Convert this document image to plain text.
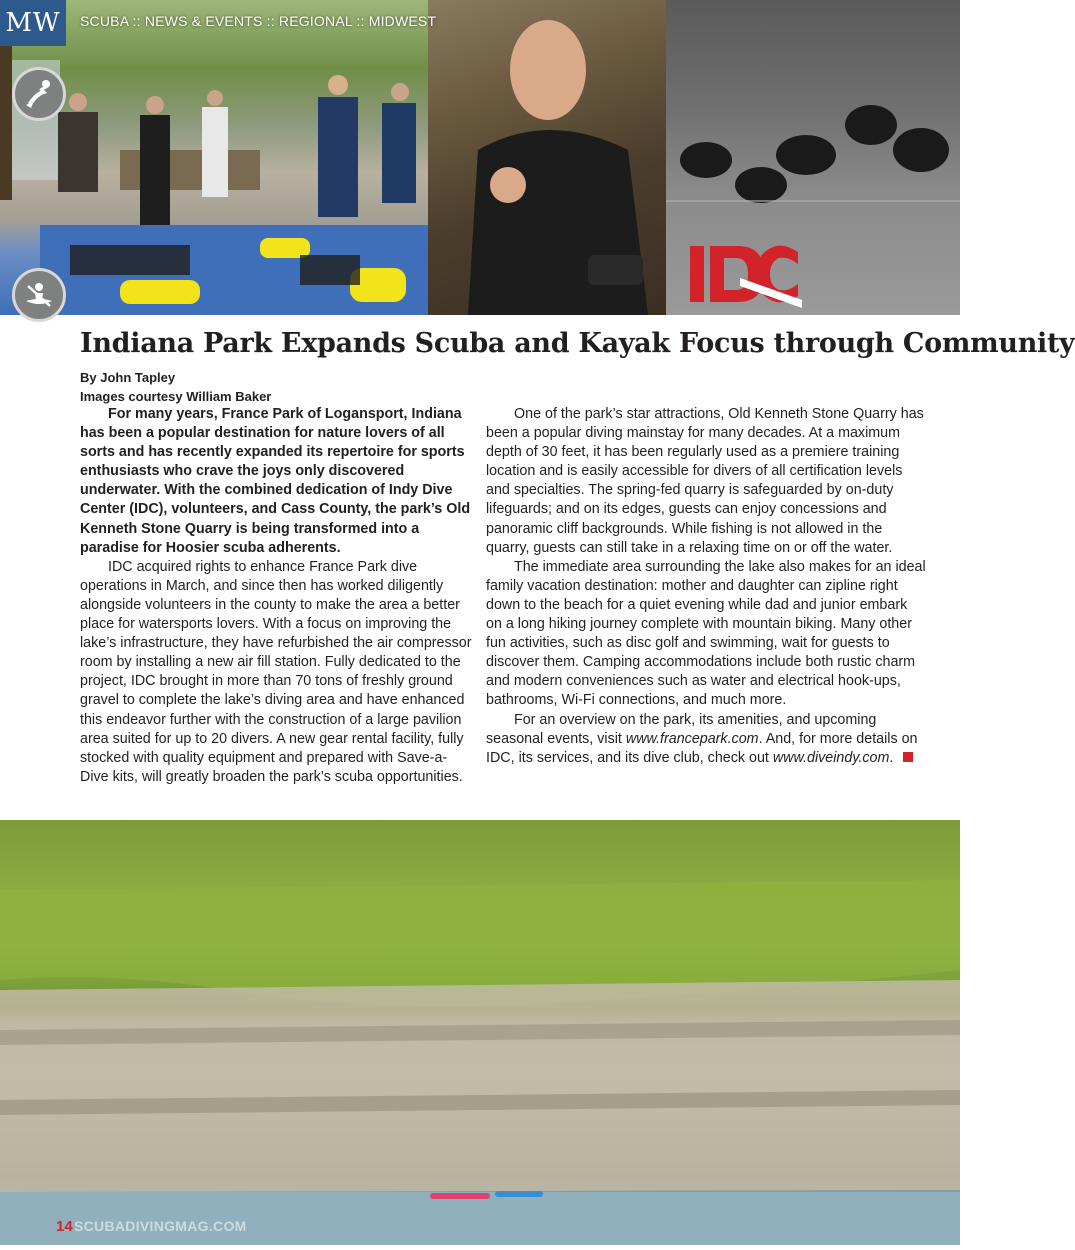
MW	SCUBA :: NEWS & EVENTS :: REGIONAL :: MIDWEST
Indiana Park Expands Scuba and Kayak Focus through Community
By John Tapley
Images courtesy William Baker

For many years, France Park of Logansport, Indiana has been a popular destination for nature lovers of all sorts and has recently expanded its repertoire for sports enthusiasts who crave the joys only discovered underwater. With the combined dedication of Indy Dive Center (IDC), volunteers, and Cass County, the park’s Old Kenneth Stone Quarry is being transformed into a paradise for Hoosier scuba adherents.

IDC acquired rights to enhance France Park dive operations in March, and since then has worked diligently alongside volunteers in the county to make the area a better place for watersports lovers. With a focus on improving the lake’s infrastructure, they have refurbished the air compressor room by installing a new air fill station. Fully dedicated to the project, IDC brought in more than 70 tons of freshly ground gravel to complete the lake’s diving area and have enhanced this endeavor further with the construction of a large pavilion area suited for up to 20 divers. A new gear rental facility, fully stocked with quality equipment and prepared with Save-a-Dive kits, will greatly broaden the park’s scuba opportunities.

One of the park’s star attractions, Old Kenneth Stone Quarry has been a popular diving mainstay for many decades. At a maximum depth of 30 feet, it has been regularly used as a premiere training location and is easily accessible for divers of all certification levels and specialties. The spring-fed quarry is safeguarded by on-duty lifeguards; and on its edges, guests can enjoy concessions and panoramic cliff backgrounds. While fishing is not allowed in the quarry, guests can still take in a relaxing time on or off the water.

The immediate area surrounding the lake also makes for an ideal family vacation destination: mother and daughter can zipline right down to the beach for a quiet evening while dad and junior embark on a long hiking journey complete with mountain biking. Many other fun activities, such as disc golf and swimming, wait for guests to discover them. Camping accommodations include both rustic charm and modern conveniences such as water and electrical hook-ups, bathrooms, Wi-Fi connections, and much more.

For an overview on the park, its amenities, and upcoming seasonal events, visit www.francepark.com. And, for more details on IDC, its services, and its dive club, check out www.diveindy.com.

14 SCUBADIVINGMAG.COM
